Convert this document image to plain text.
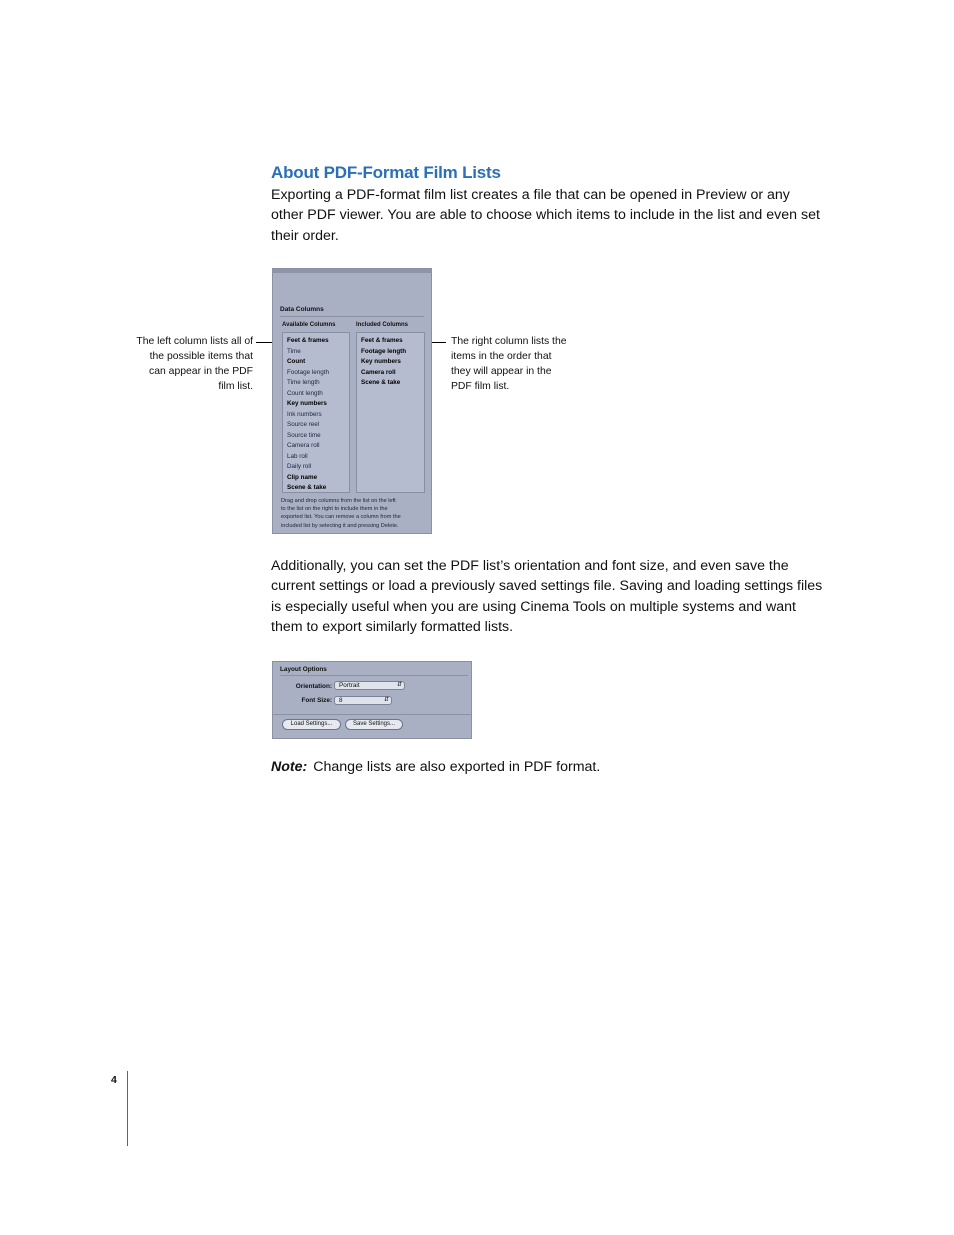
About PDF-Format Film Lists
Exporting a PDF-format film list creates a file that can be opened in Preview or any
other PDF viewer. You are able to choose which items to include in the list and even set
their order.
The left column lists all of
the possible items that
can appear in the PDF
film list.
The right column lists the
items in the order that
they will appear in the
PDF film list.
Data Columns
Available Columns	Included Columns
Feet & frames
Time
Count
Footage length
Time length
Count length
Key numbers
Ink numbers
Source reel
Source time
Camera roll
Lab roll
Daily roll
Clip name
Scene & take
Feet & frames
Footage length
Key numbers
Camera roll
Scene & take
Drag and drop columns from the list on the left
to the list on the right to include them in the
exported list. You can remove a column from the
included list by selecting it and pressing Delete.
Additionally, you can set the PDF list’s orientation and font size, and even save the
current settings or load a previously saved settings file. Saving and loading settings files
is especially useful when you are using Cinema Tools on multiple systems and want
them to export similarly formatted lists.
Layout Options
Orientation:	Portrait	⇵
Font Size:	8	⇵
Load Settings...	Save Settings...
Note: Change lists are also exported in PDF format.
4
